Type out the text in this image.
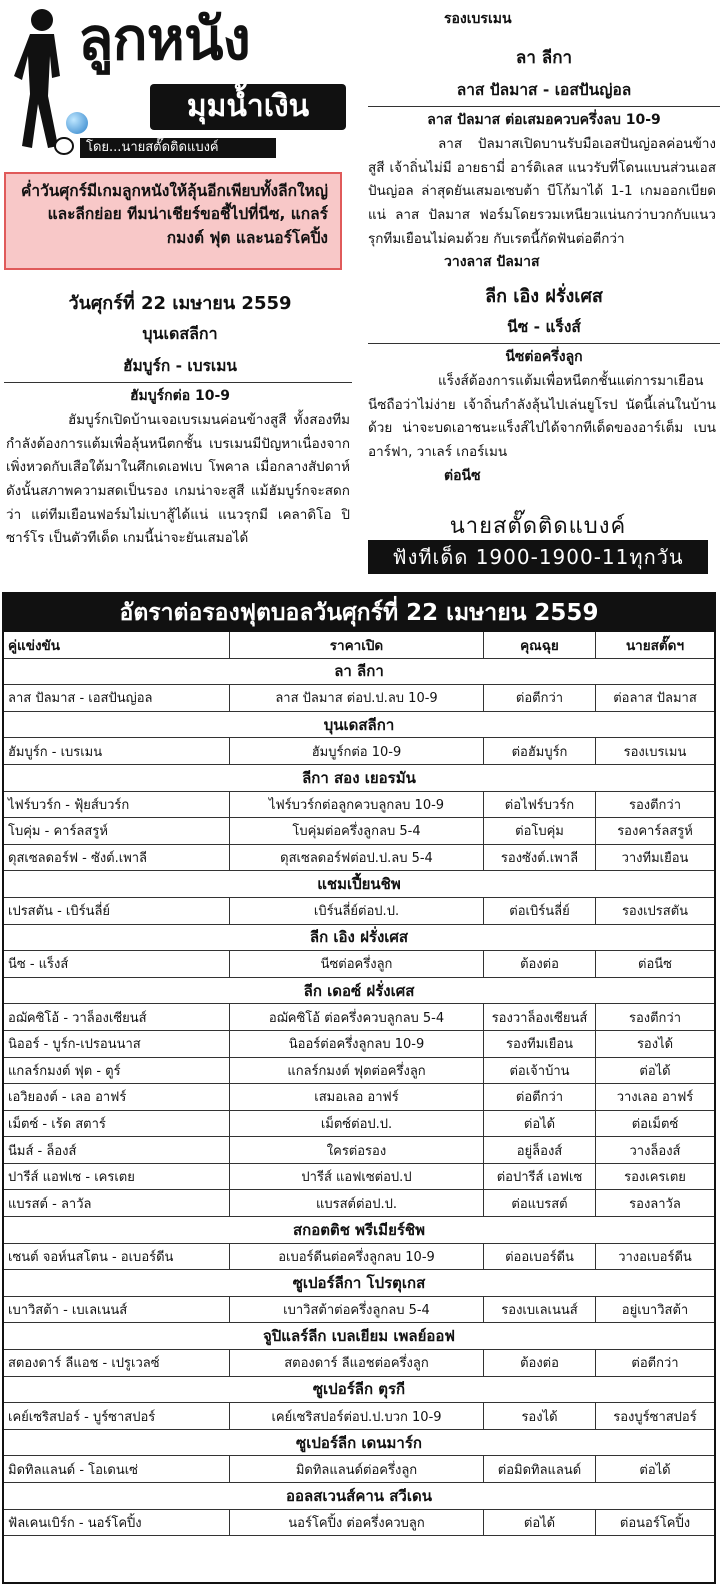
ลูกหนัง
มุมน้ำเงิน
โดย...นายสตั๊ดติดแบงค์
ค่ำวันศุกร์มีเกมลูกหนังให้ลุ้นอีกเพียบทั้งลีกใหญ่ และลีกย่อย ทีมน่าเชียร์ขอชี้ไปที่นีซ, แกลร์กมงต์ ฟุต และนอร์โคปิ้ง
วันศุกร์ที่ 22 เมษายน 2559
บุนเดสลีกา
ฮัมบูร์ก - เบรเมน
ฮัมบูร์กต่อ 10-9
ฮัมบูร์กเปิดบ้านเจอเบรเมนค่อนข้างสูสี ทั้งสองทีมกำลังต้องการแต้มเพื่อลุ้นหนีตกชั้น เบรเมนมีปัญหาเนื่องจากเพิ่งหวดกับเสือใต้มาในศึกเดเอฟเบ โพคาล เมื่อกลางสัปดาห์ ดังนั้นสภาพความสดเป็นรอง เกมน่าจะสูสี แม้ฮัมบูร์กจะสดกว่า แต่ทีมเยือนฟอร์มไม่เบาสู้ได้แน่ แนวรุกมี เคลาดิโอ ปิซาร์โร เป็นตัวทีเด็ด เกมนี้น่าจะยันเสมอได้
รองเบรเมน
ลา ลีกา
ลาส ปัลมาส - เอสปันญ่อล
ลาส ปัลมาส ต่อเสมอควบครึ่งลบ 10-9
ลาส ปัลมาสเปิดบานรับมือเอสปันญ่อลค่อนข้างสูสี เจ้าถิ่นไม่มี อายธามี่ อาร์ติเลส แนวรับที่โดนแบนส่วนเอสปันญ่อล ล่าสุดยันเสมอเซบต้า บีโก้มาได้ 1-1 เกมออกเบียดแน่ ลาส ปัลมาส ฟอร์มโดยรวมเหนียวแน่นกว่าบวกกับแนวรุกทีมเยือนไม่คมด้วย กับเรตนี้กัดฟันต่อตีกว่า
วางลาส ปัลมาส
ลีก เอิง ฝรั่งเศส
นีซ - แร็งส์
นีซต่อครึ่งลูก
แร็งส์ต้องการแต้มเพื่อหนีตกชั้นแต่การมาเยือนนีซถือว่าไม่ง่าย เจ้าถิ่นกำลังลุ้นไปเล่นยูโรป นัดนี้เล่นในบ้านด้วย น่าจะบดเอาชนะแร็งส์ไปได้จากทีเด็ดของอาร์เต็ม เบน อาร์ฟา, วาเลร์ เกอร์เมน
ต่อนีซ
นายสตั๊ดติดแบงค์
ฟังทีเด็ด 1900-1900-11ทุกวัน
อัตราต่อรองฟุตบอลวันศุกร์ที่ 22 เมษายน 2559
คู่แข่งขัน	ราคาเปิด	คุณฉุย	นายสตั๊ดฯ
ลา ลีกา
ลาส ปัลมาส - เอสปันญ่อล	ลาส ปัลมาส ต่อป.ป.ลบ 10-9	ต่อตีกว่า	ต่อลาส ปัลมาส
บุนเดสลีกา
ฮัมบูร์ก - เบรเมน	ฮัมบูร์กต่อ 10-9	ต่อฮัมบูร์ก	รองเบรเมน
ลีกา สอง เยอรมัน
ไฟร์บวร์ก - ฟุ้ยส์บวร์ก	ไฟร์บวร์กต่อลูกควบลูกลบ 10-9	ต่อไฟร์บวร์ก	รองตีกว่า
โบคุ่ม - คาร์ลสรูห์	โบคุ่มต่อครึ่งลูกลบ 5-4	ต่อโบคุ่ม	รองคาร์ลสรูห์
ดุสเซลดอร์ฟ - ซังต์.เพาลี	ดุสเซลดอร์ฟต่อป.ป.ลบ 5-4	รองซังต์.เพาลี	วางทีมเยือน
แชมเปี้ยนชิพ
เปรสตัน - เบิร์นลี่ย์	เบิร์นลี่ย์ต่อป.ป.	ต่อเบิร์นลี่ย์	รองเปรสตัน
ลีก เอิง ฝรั่งเศส
นีซ - แร็งส์	นีซต่อครึ่งลูก	ต้องต่อ	ต่อนีซ
ลีก เดอซ์ ฝรั่งเศส
อฌัคซิโอ้ - วาล็องเซียนส์	อฌัคซิโอ้ ต่อครึ่งควบลูกลบ 5-4	รองวาล็องเซียนส์	รองตีกว่า
นิออร์ - บูร์ก-เปรอนนาส	นิออร์ต่อครึ่งลูกลบ 10-9	รองทีมเยือน	รองได้
แกลร์กมงต์ ฟุต - ตูร์	แกลร์กมงต์ ฟุตต่อครึ่งลูก	ต่อเจ้าบ้าน	ต่อได้
เอวิยองต์ - เลอ อาฟร์	เสมอเลอ อาฟร์	ต่อตีกว่า	วางเลอ อาฟร์
เม็ตซ์ - เร้ด สตาร์	เม็ตซ์ต่อป.ป.	ต่อได้	ต่อเม็ตซ์
นีมส์ - ล็องส์	ใครต่อรอง	อยู่ล็องส์	วางล็องส์
ปารีส์ แอฟเซ - เครเตย	ปารีส์ แอฟเซต่อป.ป	ต่อปารีส์ เอฟเซ	รองเครเตย
แบรสต์ - ลาวัล	แบรสต์ต่อป.ป.	ต่อแบรสต์	รองลาวัล
สกอตติช พรีเมียร์ชิพ
เซนต์ จอห์นสโตน - อเบอร์ดีน	อเบอร์ดีนต่อครึ่งลูกลบ 10-9	ต่ออเบอร์ดีน	วางอเบอร์ดีน
ซูเปอร์ลีกา โปรตุเกส
เบาวิสต้า - เบเลเนนส์	เบาวิสต้าต่อครึ่งลูกลบ 5-4	รองเบเลเนนส์	อยู่เบาวิสต้า
จูปิแลร์ลีก เบลเยียม เพลย์ออฟ
สตองดาร์ ลีแอช - เปรูเวลซ์	สตองดาร์ ลีแอชต่อครึ่งลูก	ต้องต่อ	ต่อตีกว่า
ซูเปอร์ลีก ตุรกี
เคย์เซริสปอร์ - บูร์ซาสปอร์	เคย์เซริสปอร์ต่อป.ป.บวก 10-9	รองได้	รองบูร์ซาสปอร์
ซูเปอร์ลีก เดนมาร์ก
มิดทิลแลนด์ - โอเดนเซ่	มิดทิลแลนด์ต่อครึ่งลูก	ต่อมิดทิลแลนด์	ต่อได้
ออลสเวนส์คาน สวีเดน
ฟัลเคนเบิร์ก - นอร์โคปิ้ง	นอร์โคปิ้ง ต่อครึ่งควบลูก	ต่อได้	ต่อนอร์โคปิ้ง
